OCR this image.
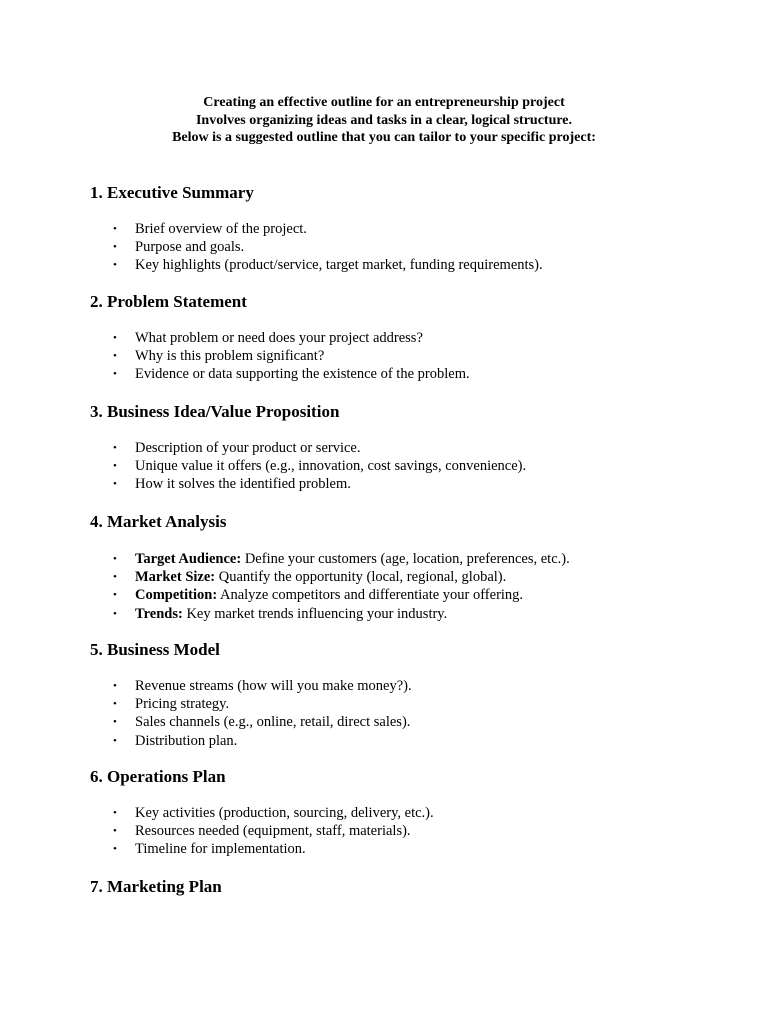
Creating an effective outline for an entrepreneurship project
Involves organizing ideas and tasks in a clear, logical structure.
Below is a suggested outline that you can tailor to your specific project:
1. Executive Summary
• Brief overview of the project.
• Purpose and goals.
• Key highlights (product/service, target market, funding requirements).
2. Problem Statement
• What problem or need does your project address?
• Why is this problem significant?
• Evidence or data supporting the existence of the problem.
3. Business Idea/Value Proposition
• Description of your product or service.
• Unique value it offers (e.g., innovation, cost savings, convenience).
• How it solves the identified problem.
4. Market Analysis
• Target Audience: Define your customers (age, location, preferences, etc.).
• Market Size: Quantify the opportunity (local, regional, global).
• Competition: Analyze competitors and differentiate your offering.
• Trends: Key market trends influencing your industry.
5. Business Model
• Revenue streams (how will you make money?).
• Pricing strategy.
• Sales channels (e.g., online, retail, direct sales).
• Distribution plan.
6. Operations Plan
• Key activities (production, sourcing, delivery, etc.).
• Resources needed (equipment, staff, materials).
• Timeline for implementation.
7. Marketing Plan
